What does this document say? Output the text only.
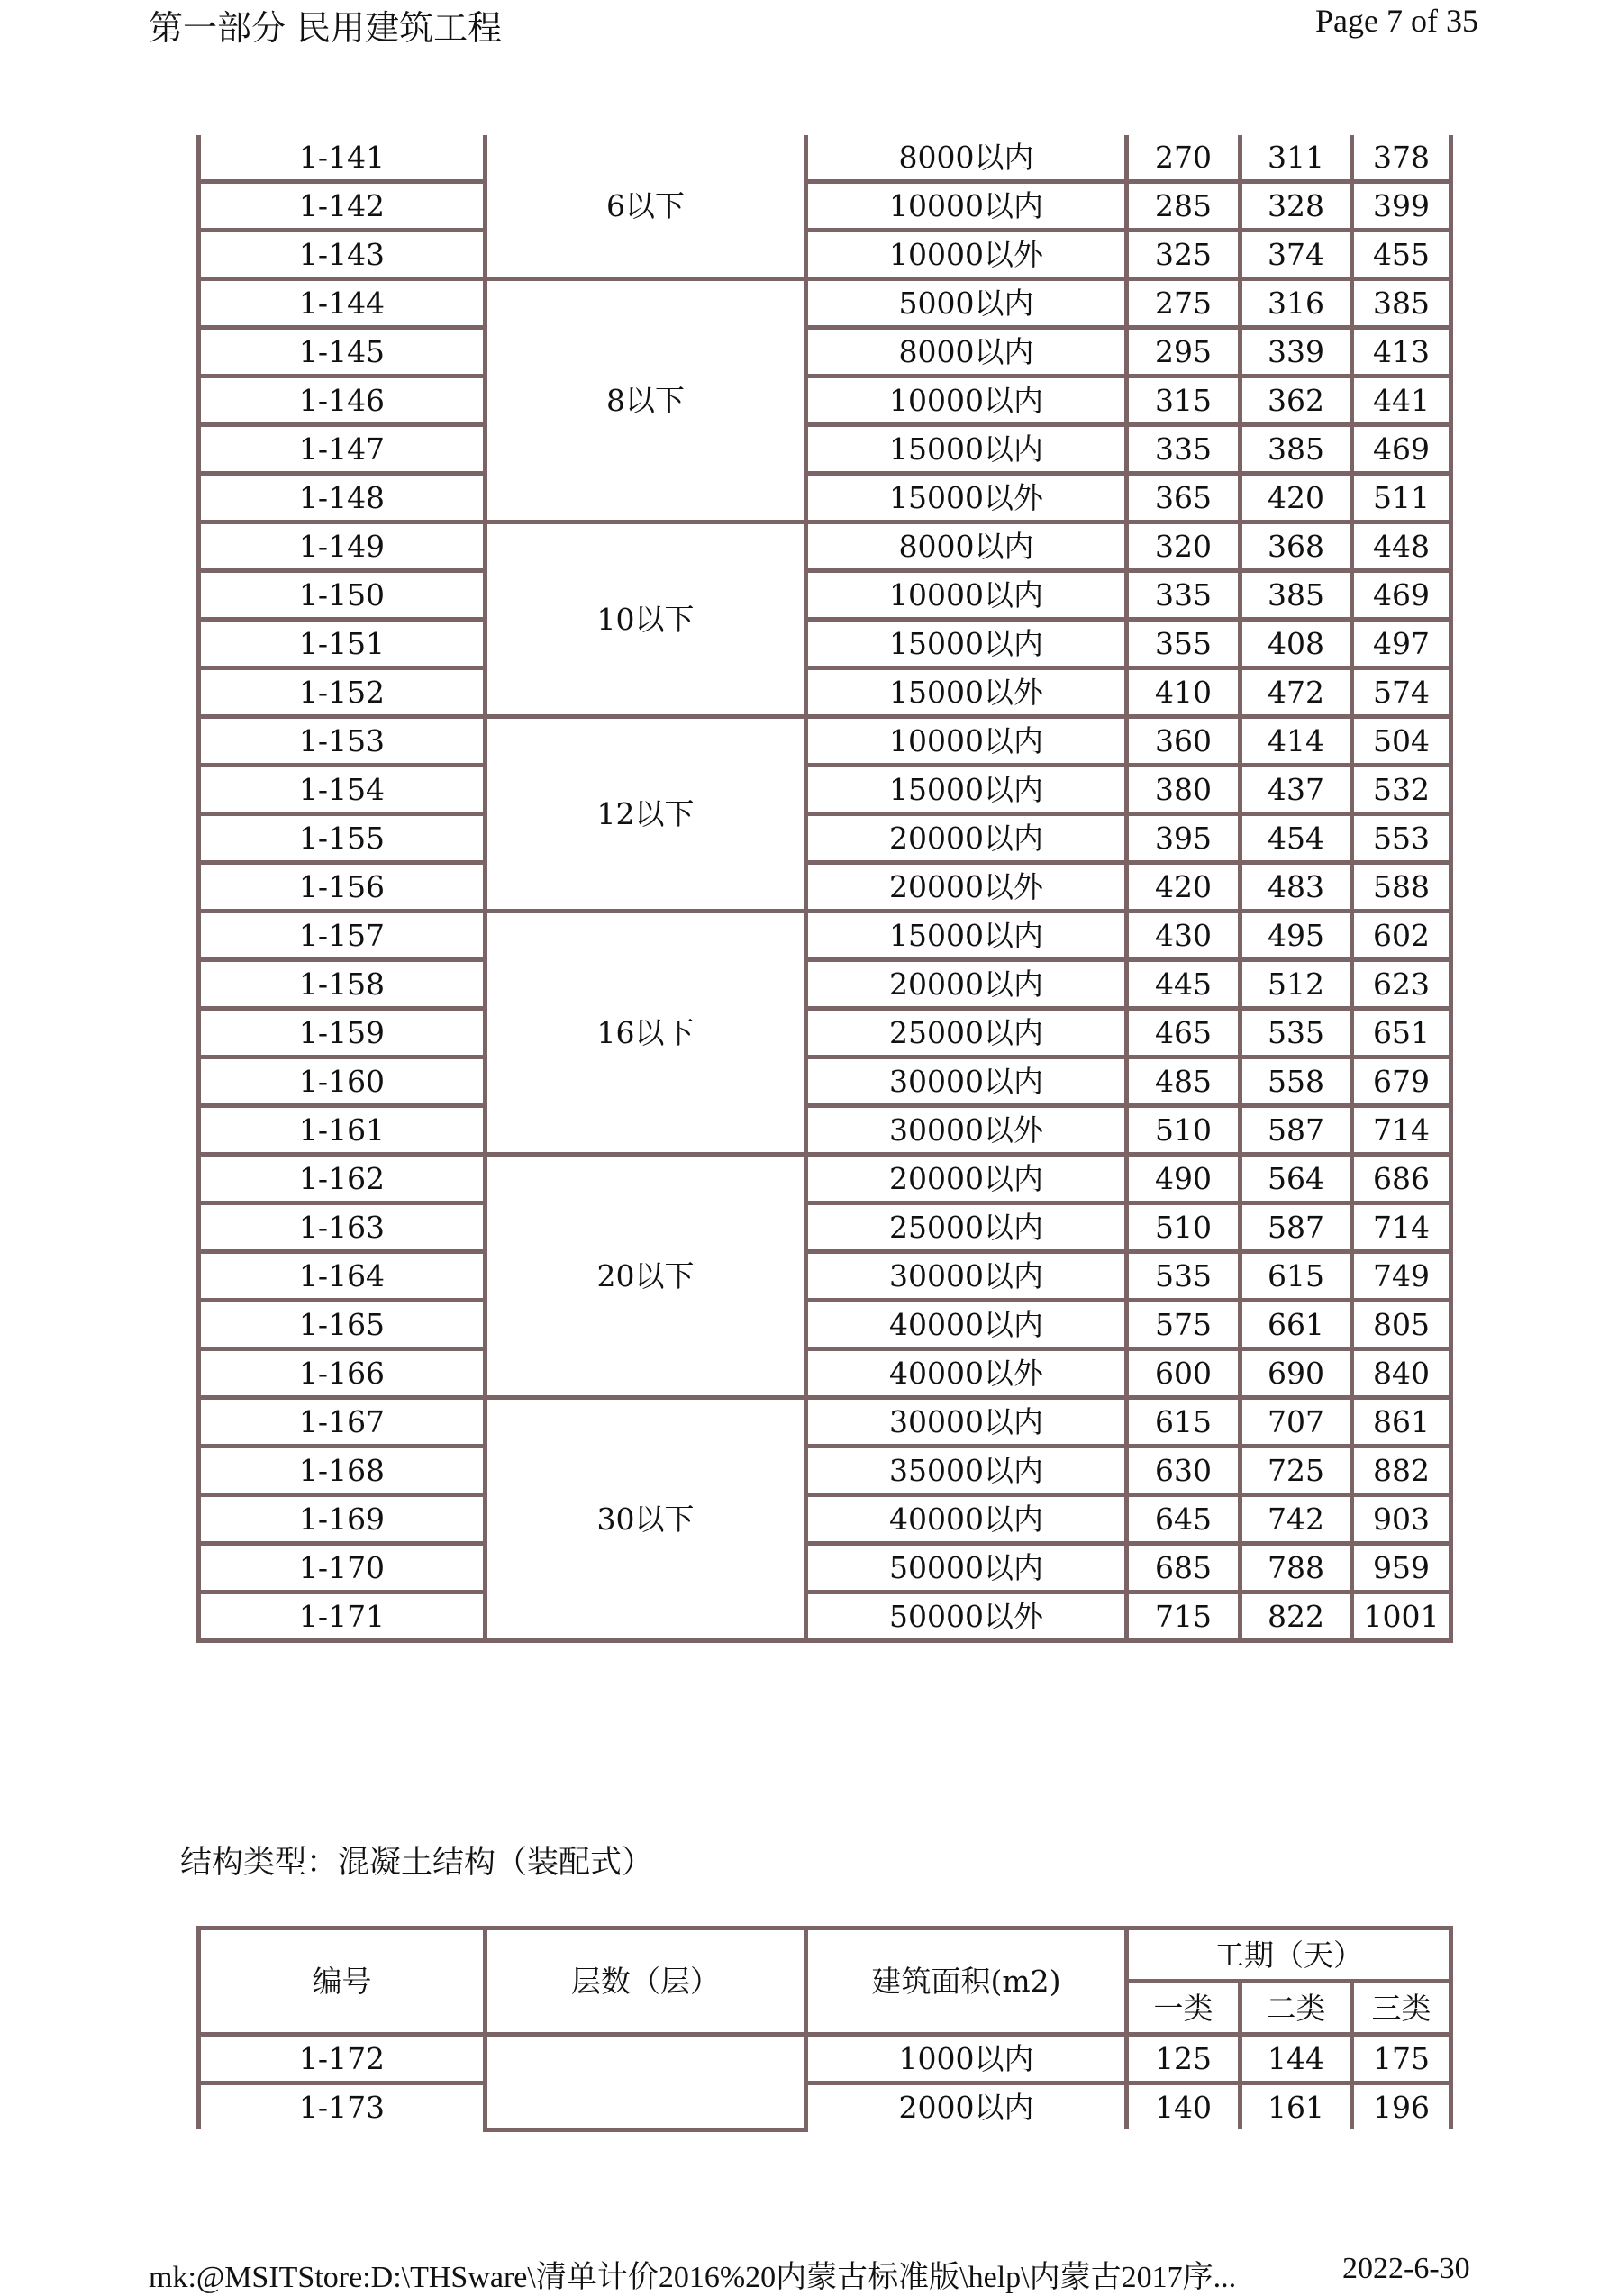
第一部分 民用建筑工程	Page 7 of 35
1-141	6以下	8000以内	270	311	378
1-142		10000以内	285	328	399
1-143		10000以外	325	374	455
1-144	8以下	5000以内	275	316	385
1-145		8000以内	295	339	413
1-146		10000以内	315	362	441
1-147		15000以内	335	385	469
1-148		15000以外	365	420	511
1-149	10以下	8000以内	320	368	448
1-150		10000以内	335	385	469
1-151		15000以内	355	408	497
1-152		15000以外	410	472	574
1-153	12以下	10000以内	360	414	504
1-154		15000以内	380	437	532
1-155		20000以内	395	454	553
1-156		20000以外	420	483	588
1-157	16以下	15000以内	430	495	602
1-158		20000以内	445	512	623
1-159		25000以内	465	535	651
1-160		30000以内	485	558	679
1-161		30000以外	510	587	714
1-162	20以下	20000以内	490	564	686
1-163		25000以内	510	587	714
1-164		30000以内	535	615	749
1-165		40000以内	575	661	805
1-166		40000以外	600	690	840
1-167	30以下	30000以内	615	707	861
1-168		35000以内	630	725	882
1-169		40000以内	645	742	903
1-170		50000以内	685	788	959
1-171		50000以外	715	822	1001
结构类型：混凝土结构（装配式）
编号	层数（层）	建筑面积(m2)	工期（天）		
			一类	二类	三类
1-172		1000以内	125	144	175
1-173		2000以内	140	161	196
mk:@MSITStore:D:\THSware\清单计价2016%20内蒙古标准版\help\内蒙古2017序...	2022-6-30
